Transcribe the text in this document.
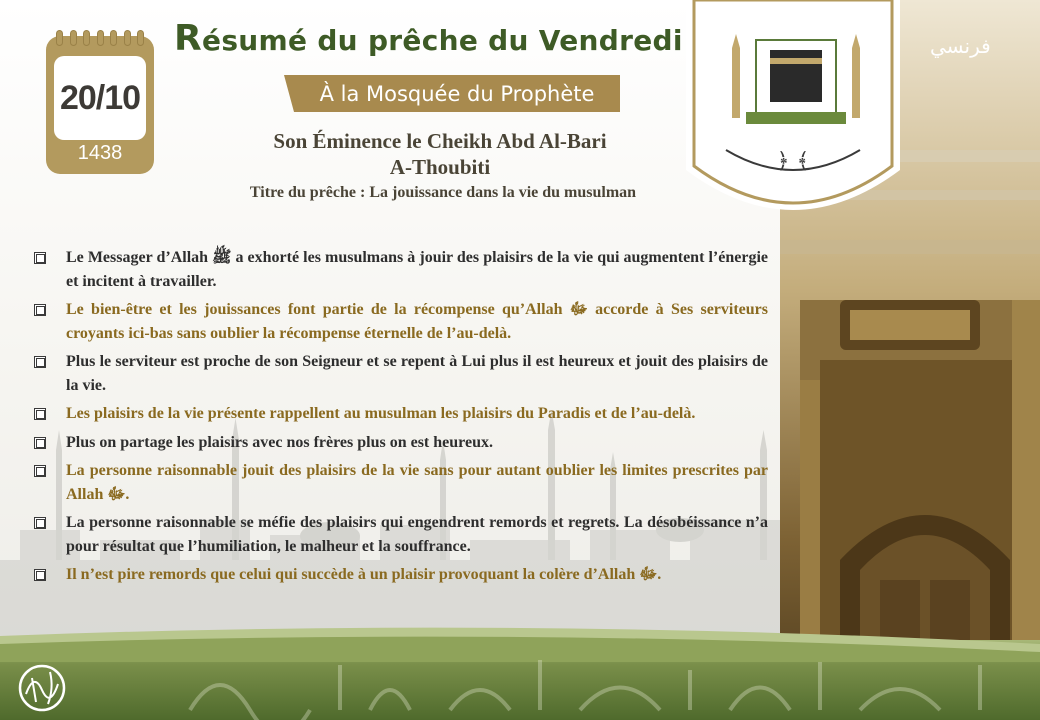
﴿ ﴾
فرنسي
20/10
1438
Résumé du prêche du Vendredi
À la Mosquée du Prophète
Son Éminence le Cheikh Abd Al-Bari
A-Thoubiti
Titre du prêche : La jouissance dans la vie du musulman
Le Messager d’Allah ﷺ a exhorté les musulmans à jouir des plaisirs de la vie qui augmentent l’énergie et incitent à travailler.
Le bien-être et les jouissances font partie de la récompense qu’Allah ﷻ accorde à Ses serviteurs croyants ici-bas sans oublier la récompense éternelle de l’au-delà.
Plus le serviteur est proche de son Seigneur et se repent à Lui plus il est heureux et jouit des plaisirs de la vie.
Les plaisirs de la vie présente rappellent au musulman les plaisirs du Paradis et de l’au-delà.
Plus on partage les plaisirs avec nos frères plus on est heureux.
La personne raisonnable jouit des plaisirs de la vie sans pour autant oublier les limites prescrites par Allah ﷻ.
La personne raisonnable se méfie des plaisirs qui engendrent remords et regrets. La désobéissance n’a pour résultat que l’humiliation, le malheur et la souffrance.
Il n’est pire remords que celui qui succède à un plaisir provoquant la colère d’Allah ﷻ.
